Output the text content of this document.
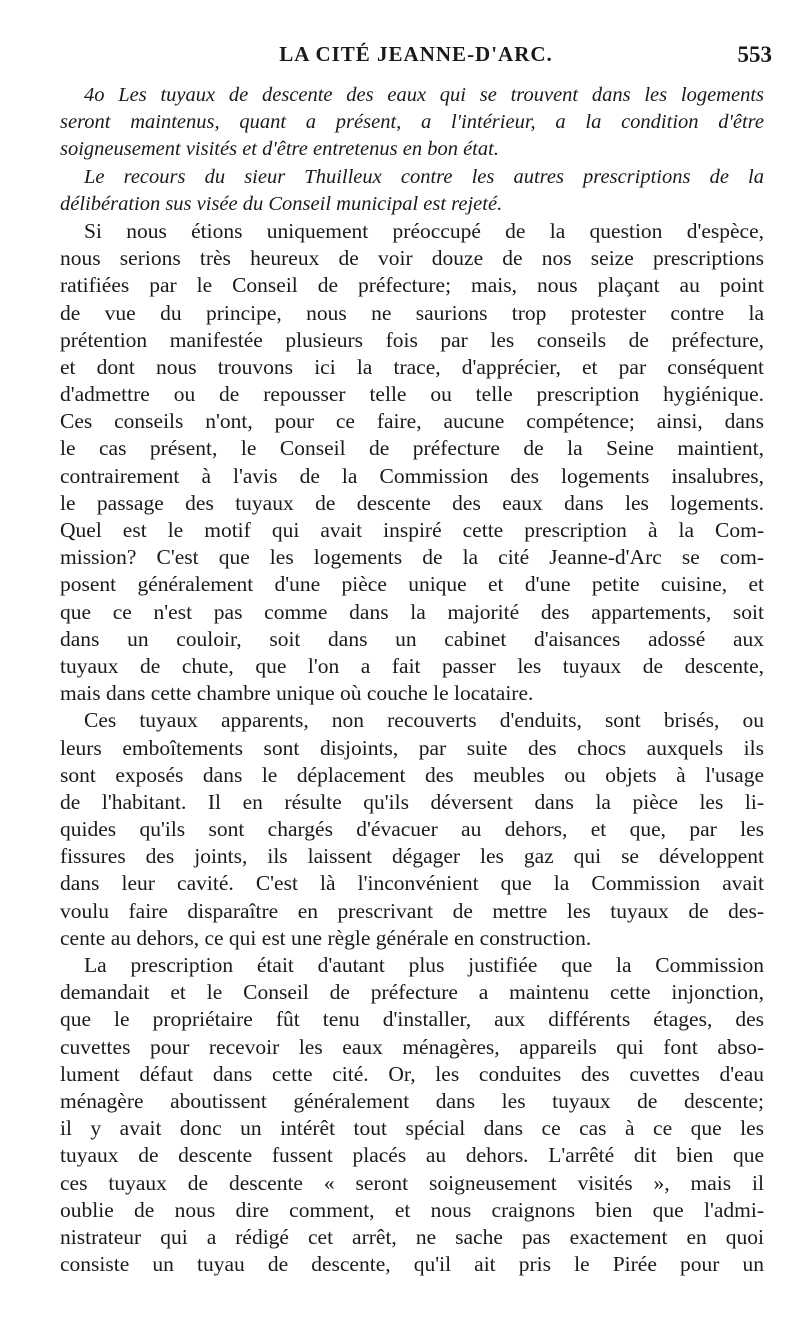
LA CITÉ JEANNE-D'ARC.	553
4o Les tuyaux de descente des eaux qui se trouvent dans les logements
seront maintenus, quant a présent, a l'intérieur, a la condition d'être
soigneusement visités et d'être entretenus en bon état.
Le recours du sieur Thuilleux contre les autres prescriptions de la
délibération sus visée du Conseil municipal est rejeté.
Si nous étions uniquement préoccupé de la question d'espèce,
nous serions très heureux de voir douze de nos seize prescriptions
ratifiées par le Conseil de préfecture; mais, nous plaçant au point
de vue du principe, nous ne saurions trop protester contre la
prétention manifestée plusieurs fois par les conseils de préfecture,
et dont nous trouvons ici la trace, d'apprécier, et par conséquent
d'admettre ou de repousser telle ou telle prescription hygiénique.
Ces conseils n'ont, pour ce faire, aucune compétence; ainsi, dans
le cas présent, le Conseil de préfecture de la Seine maintient,
contrairement à l'avis de la Commission des logements insalubres,
le passage des tuyaux de descente des eaux dans les logements.
Quel est le motif qui avait inspiré cette prescription à la Com-
mission? C'est que les logements de la cité Jeanne-d'Arc se com-
posent généralement d'une pièce unique et d'une petite cuisine, et
que ce n'est pas comme dans la majorité des appartements, soit
dans un couloir, soit dans un cabinet d'aisances adossé aux
tuyaux de chute, que l'on a fait passer les tuyaux de descente,
mais dans cette chambre unique où couche le locataire.
Ces tuyaux apparents, non recouverts d'enduits, sont brisés, ou
leurs emboîtements sont disjoints, par suite des chocs auxquels ils
sont exposés dans le déplacement des meubles ou objets à l'usage
de l'habitant. Il en résulte qu'ils déversent dans la pièce les li-
quides qu'ils sont chargés d'évacuer au dehors, et que, par les
fissures des joints, ils laissent dégager les gaz qui se développent
dans leur cavité. C'est là l'inconvénient que la Commission avait
voulu faire disparaître en prescrivant de mettre les tuyaux de des-
cente au dehors, ce qui est une règle générale en construction.
La prescription était d'autant plus justifiée que la Commission
demandait et le Conseil de préfecture a maintenu cette injonction,
que le propriétaire fût tenu d'installer, aux différents étages, des
cuvettes pour recevoir les eaux ménagères, appareils qui font abso-
lument défaut dans cette cité. Or, les conduites des cuvettes d'eau
ménagère aboutissent généralement dans les tuyaux de descente;
il y avait donc un intérêt tout spécial dans ce cas à ce que les
tuyaux de descente fussent placés au dehors. L'arrêté dit bien que
ces tuyaux de descente « seront soigneusement visités », mais il
oublie de nous dire comment, et nous craignons bien que l'admi-
nistrateur qui a rédigé cet arrêt, ne sache pas exactement en quoi
consiste un tuyau de descente, qu'il ait pris le Pirée pour un
